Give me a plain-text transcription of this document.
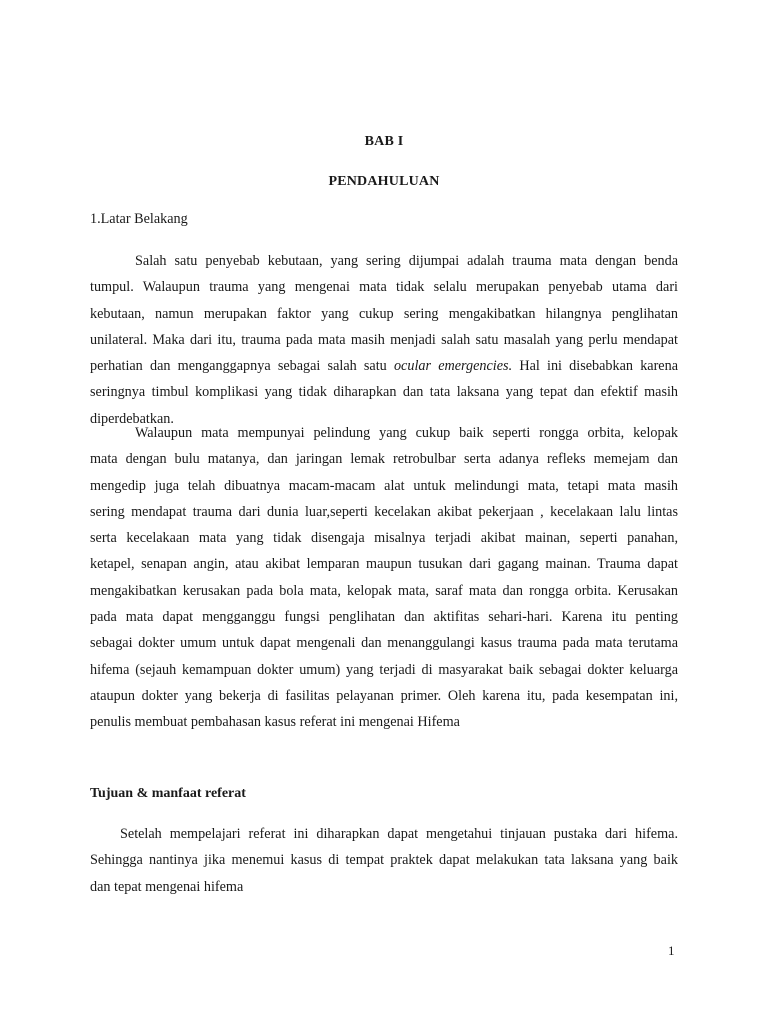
BAB I
PENDAHULUAN
1.Latar Belakang
Salah satu penyebab kebutaan, yang sering dijumpai adalah trauma mata dengan benda
tumpul. Walaupun trauma yang mengenai mata tidak selalu merupakan penyebab utama dari
kebutaan, namun merupakan faktor yang cukup sering mengakibatkan hilangnya penglihatan
unilateral. Maka dari itu, trauma pada mata masih menjadi salah satu masalah yang perlu mendapat
perhatian dan menganggapnya sebagai salah satu ocular emergencies. Hal ini disebabkan karena
seringnya timbul komplikasi yang tidak diharapkan dan tata laksana yang tepat dan efektif masih
diperdebatkan.
Walaupun mata mempunyai pelindung yang cukup baik seperti rongga orbita, kelopak
mata dengan bulu matanya, dan jaringan lemak retrobulbar serta adanya refleks memejam dan
mengedip juga telah dibuatnya macam-macam alat untuk melindungi mata, tetapi mata masih
sering mendapat trauma dari dunia luar,seperti kecelakan akibat pekerjaan , kecelakaan lalu lintas
serta kecelakaan mata yang tidak disengaja misalnya terjadi akibat mainan, seperti panahan,
ketapel, senapan angin, atau akibat lemparan maupun tusukan dari gagang mainan. Trauma dapat
mengakibatkan kerusakan pada bola mata, kelopak mata, saraf mata dan rongga orbita. Kerusakan
pada mata dapat mengganggu fungsi penglihatan dan aktifitas sehari-hari. Karena itu penting
sebagai dokter umum untuk dapat mengenali dan menanggulangi kasus trauma pada mata terutama
hifema (sejauh kemampuan dokter umum) yang terjadi di masyarakat baik sebagai dokter keluarga
ataupun dokter yang bekerja di fasilitas pelayanan primer. Oleh karena itu, pada kesempatan ini,
penulis membuat pembahasan kasus referat ini mengenai Hifema
Tujuan & manfaat referat
Setelah mempelajari referat ini diharapkan dapat mengetahui tinjauan pustaka dari hifema.
Sehingga nantinya jika menemui kasus di tempat praktek dapat melakukan tata laksana yang baik
dan tepat mengenai hifema
1
